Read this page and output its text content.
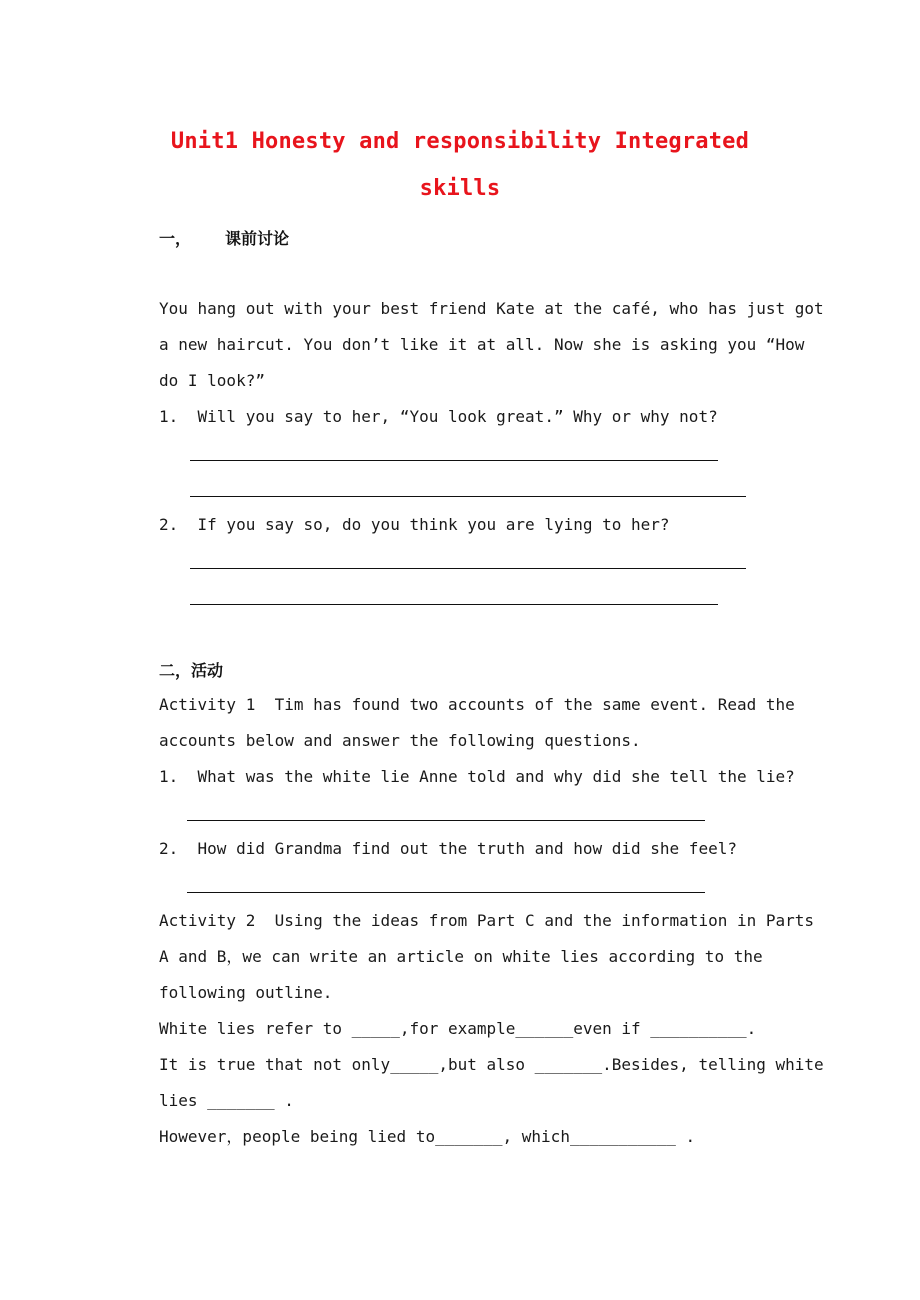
Unit1 Honesty and responsibility Integrated
skills
一， 课前讨论
You hang out with your best friend Kate at the café, who has just got
a new haircut. You don’t like it at all. Now she is asking you “How
do I look?”
1.  Will you say to her, “You look great.” Why or why not?
2.  If you say so, do you think you are lying to her?
二，活动
Activity 1  Tim has found two accounts of the same event. Read the
accounts below and answer the following questions.
1.  What was the white lie Anne told and why did she tell the lie?
2.  How did Grandma find out the truth and how did she feel?
Activity 2  Using the ideas from Part C and the information in Parts
A and B，we can write an article on white lies according to the
following outline.
White lies refer to _____,for example______even if __________.
It is true that not only_____,but also _______.Besides, telling white
lies _______ .
However，people being lied to_______, which___________ .
